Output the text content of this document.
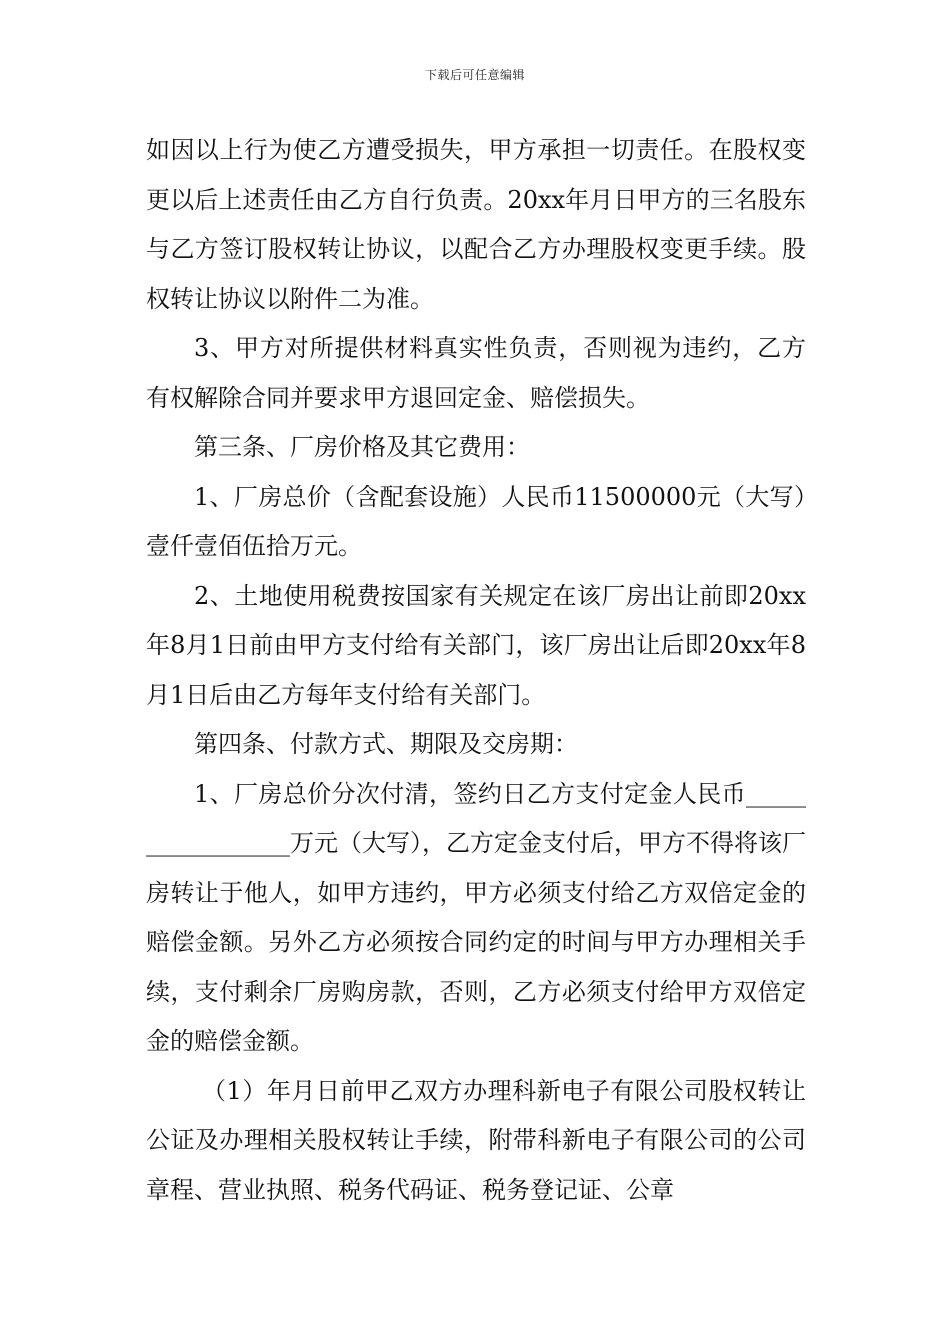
下载后可任意编辑

如因以上行为使乙方遭受损失，甲方承担一切责任。在股权变更以后上述责任由乙方自行负责。20xx年月日甲方的三名股东与乙方签订股权转让协议，以配合乙方办理股权变更手续。股权转让协议以附件二为准。

3、甲方对所提供材料真实性负责，否则视为违约，乙方有权解除合同并要求甲方退回定金、赔偿损失。

第三条、厂房价格及其它费用：

1、厂房总价（含配套设施）人民币11500000元（大写）壹仟壹佰伍拾万元。

2、土地使用税费按国家有关规定在该厂房出让前即20xx年8月1日前由甲方支付给有关部门，该厂房出让后即20xx年8月1日后由乙方每年支付给有关部门。

第四条、付款方式、期限及交房期：

1、厂房总价分次付清，签约日乙方支付定金人民币_________________万元（大写），乙方定金支付后，甲方不得将该厂房转让于他人，如甲方违约，甲方必须支付给乙方双倍定金的赔偿金额。另外乙方必须按合同约定的时间与甲方办理相关手续，支付剩余厂房购房款，否则，乙方必须支付给甲方双倍定金的赔偿金额。

（1）年月日前甲乙双方办理科新电子有限公司股权转让公证及办理相关股权转让手续，附带科新电子有限公司的公司章程、营业执照、税务代码证、税务登记证、公章
